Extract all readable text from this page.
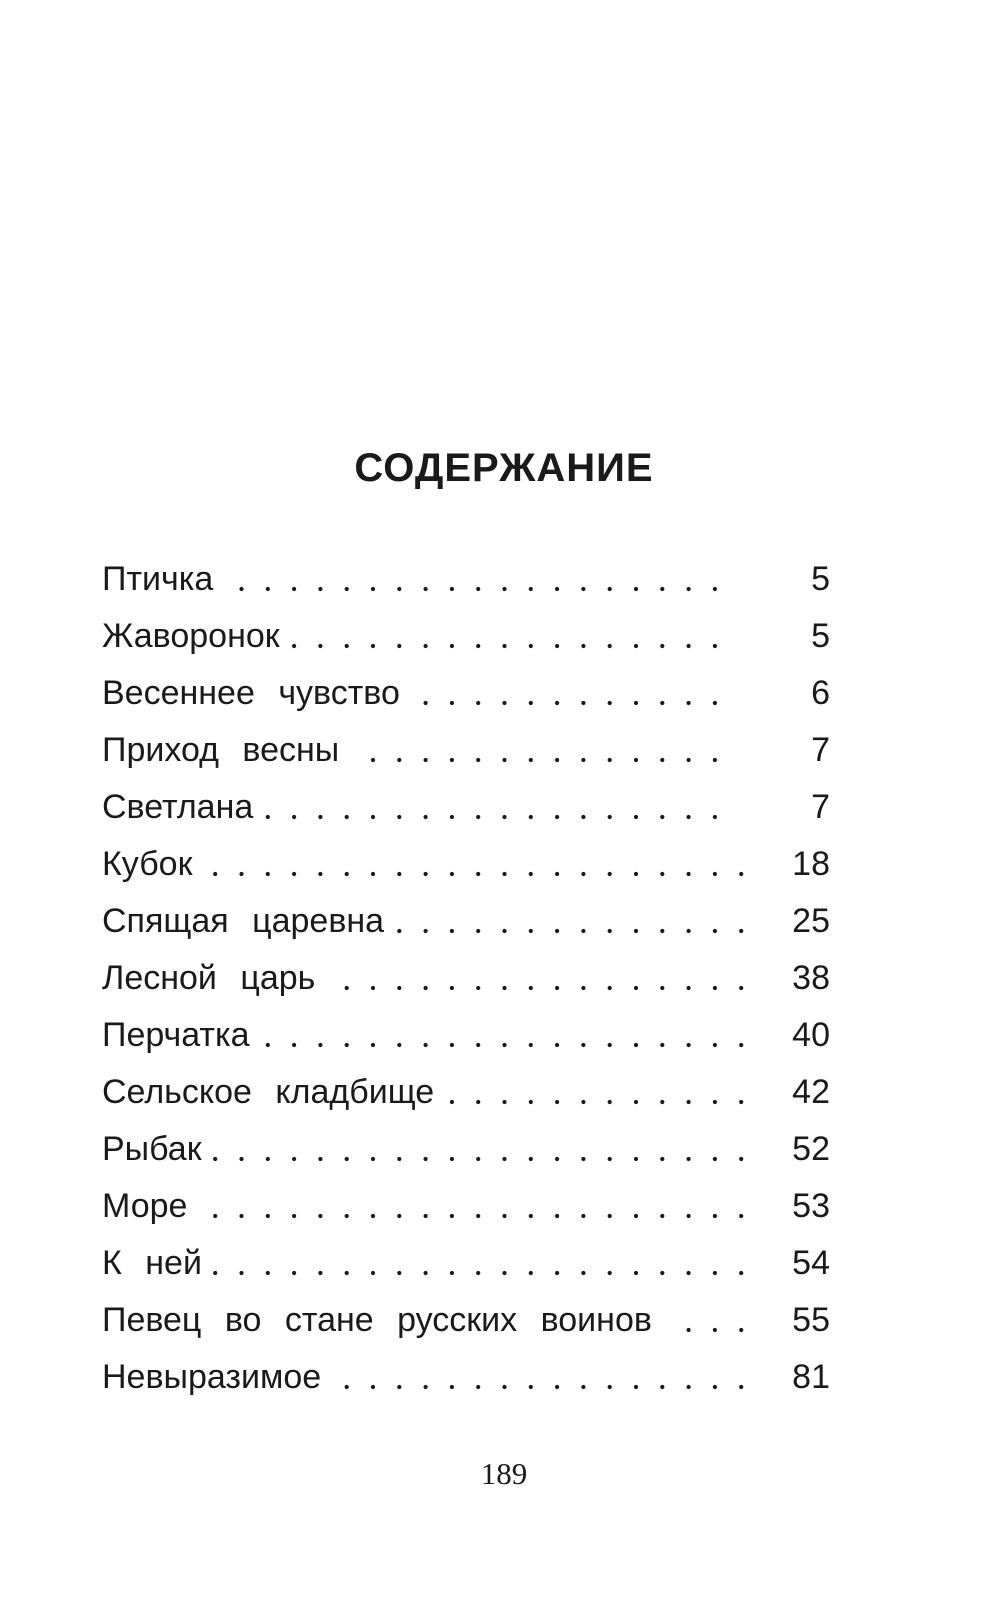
СОДЕРЖАНИЕ
Птичка	5
Жаворонок	5
Весеннее чувство	6
Приход весны	7
Светлана	7
Кубок	18
Спящая царевна	25
Лесной царь	38
Перчатка	40
Сельское кладбище	42
Рыбак	52
Море	53
К ней	54
Певец во стане русских воинов	55
Невыразимое	81
189
